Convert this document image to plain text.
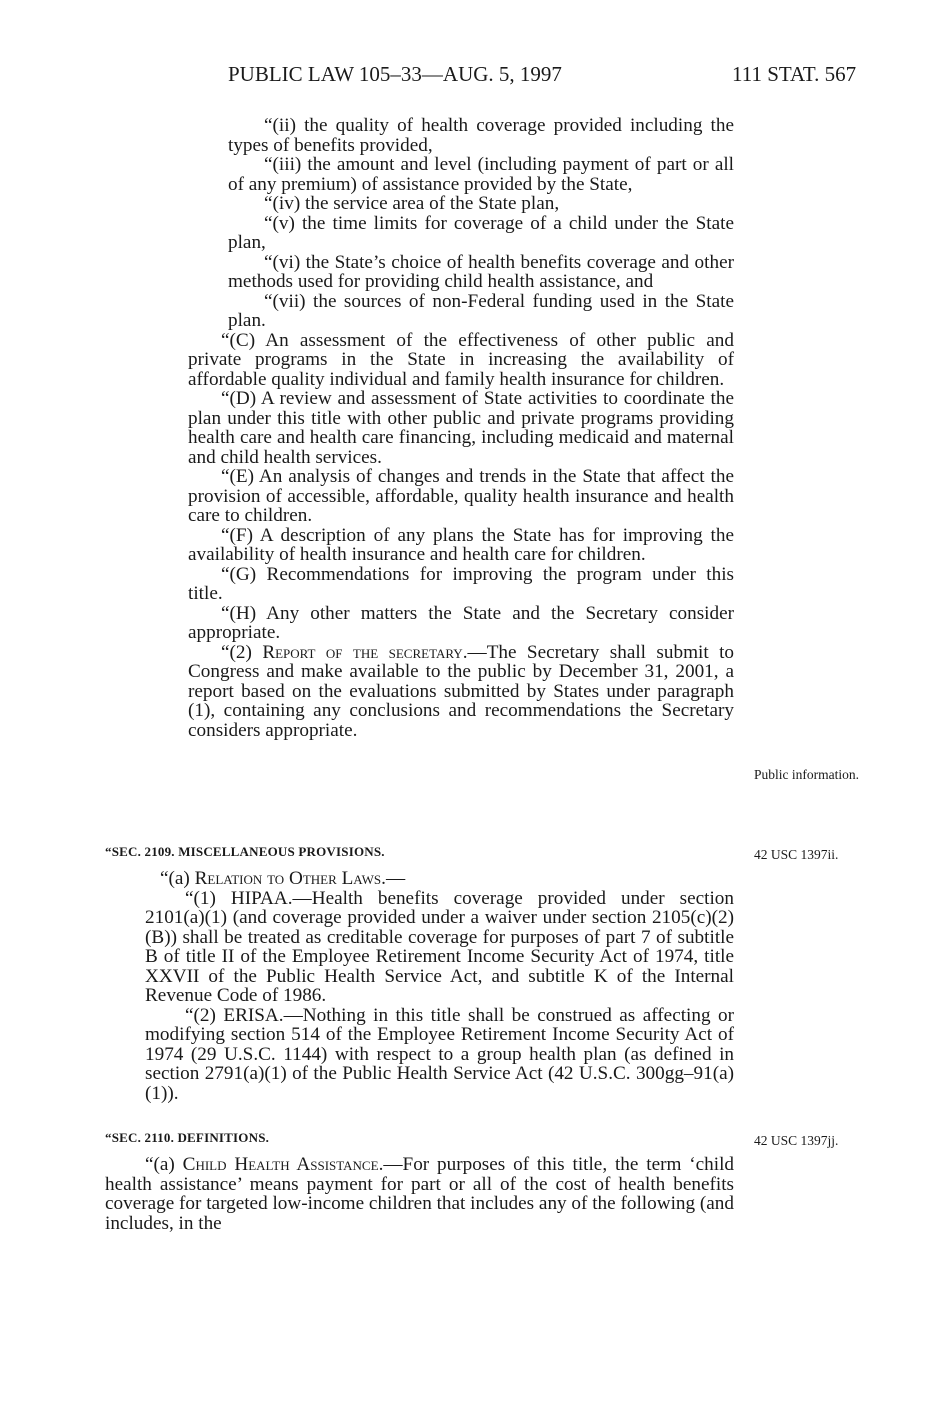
PUBLIC LAW 105–33—AUG. 5, 1997	111 STAT. 567

“(ii) the quality of health coverage provided including the types of benefits provided,

“(iii) the amount and level (including payment of part or all of any premium) of assistance provided by the State,

“(iv) the service area of the State plan,

“(v) the time limits for coverage of a child under the State plan,

“(vi) the State’s choice of health benefits coverage and other methods used for providing child health assistance, and

“(vii) the sources of non-Federal funding used in the State plan.

“(C) An assessment of the effectiveness of other public and private programs in the State in increasing the availability of affordable quality individual and family health insurance for children.

“(D) A review and assessment of State activities to coordinate the plan under this title with other public and private programs providing health care and health care financing, including medicaid and maternal and child health services.

“(E) An analysis of changes and trends in the State that affect the provision of accessible, affordable, quality health insurance and health care to children.

“(F) A description of any plans the State has for improving the availability of health insurance and health care for children.

“(G) Recommendations for improving the program under this title.

“(H) Any other matters the State and the Secretary consider appropriate.

“(2) Report of the secretary.—The Secretary shall submit to Congress and make available to the public by December 31, 2001, a report based on the evaluations submitted by States under paragraph (1), containing any conclusions and recommendations the Secretary considers appropriate.

Public information.
“SEC. 2109. MISCELLANEOUS PROVISIONS.	42 USC 1397ii.

“(a) Relation to Other Laws.—

“(1) HIPAA.—Health benefits coverage provided under section 2101(a)(1) (and coverage provided under a waiver under section 2105(c)(2)(B)) shall be treated as creditable coverage for purposes of part 7 of subtitle B of title II of the Employee Retirement Income Security Act of 1974, title XXVII of the Public Health Service Act, and subtitle K of the Internal Revenue Code of 1986.

“(2) ERISA.—Nothing in this title shall be construed as affecting or modifying section 514 of the Employee Retirement Income Security Act of 1974 (29 U.S.C. 1144) with respect to a group health plan (as defined in section 2791(a)(1) of the Public Health Service Act (42 U.S.C. 300gg–91(a)(1)).

“SEC. 2110. DEFINITIONS.	42 USC 1397jj.

“(a) Child Health Assistance.—For purposes of this title, the term ‘child health assistance’ means payment for part or all of the cost of health benefits coverage for targeted low-income children that includes any of the following (and includes, in the
